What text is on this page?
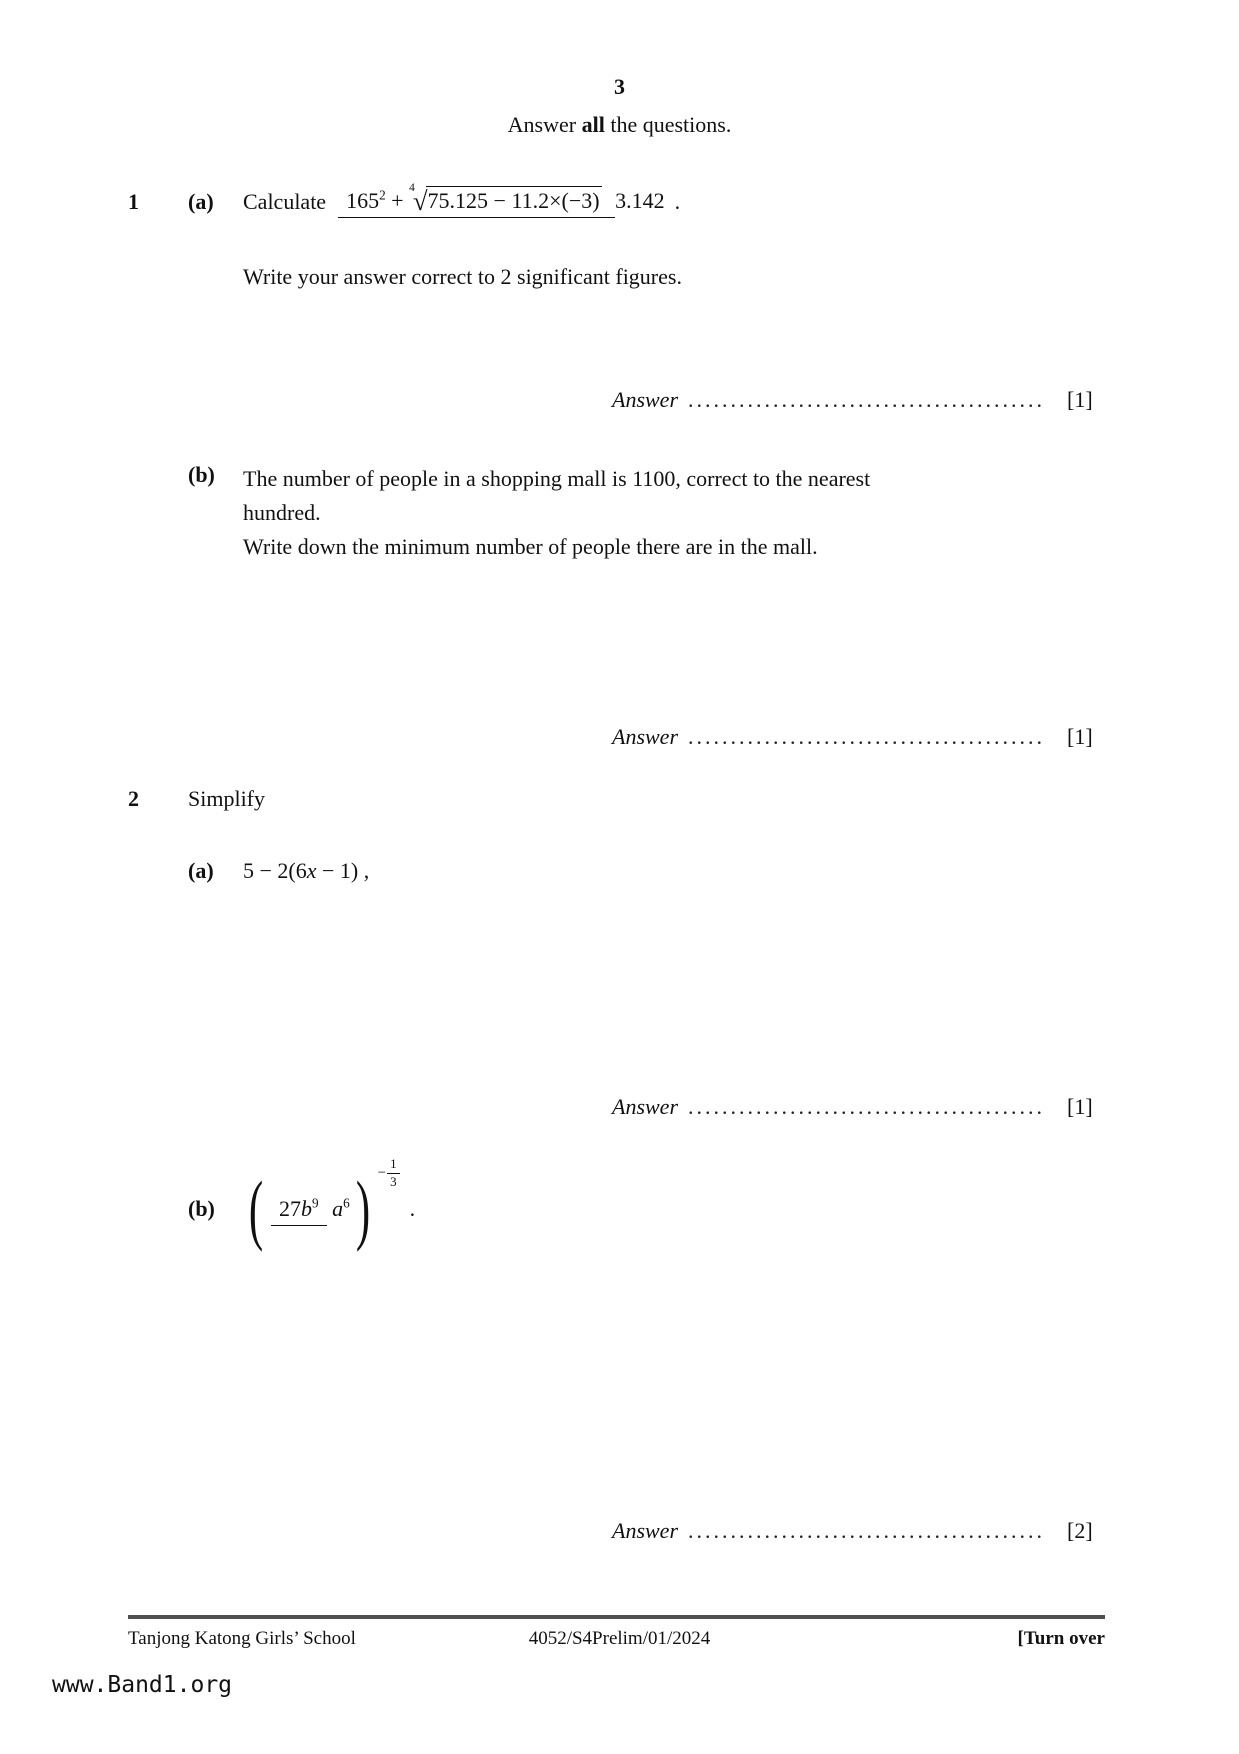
3
Answer all the questions.
1	(a)	Calculate $165^2 + ^4√75.125 - 11.2\times(-3)$ 3.142 .
Write your answer correct to 2 significant figures.
Answer .......................................... [1]
(b) The number of people in a shopping mall is 1100, correct to the nearest
hundred.
Write down the minimum number of people there are in the mall.
Answer .......................................... [1]
2	Simplify
(a)	5 − 2(6x − 1) ,
Answer .......................................... [1]
(b) ( $27b^9$ $a^6$ ) − $\frac{1}{3}$
.
Answer .......................................... [2]
Tanjong Katong Girls’ School	4052/S4Prelim/01/2024	[Turn over
www.Band1.org
